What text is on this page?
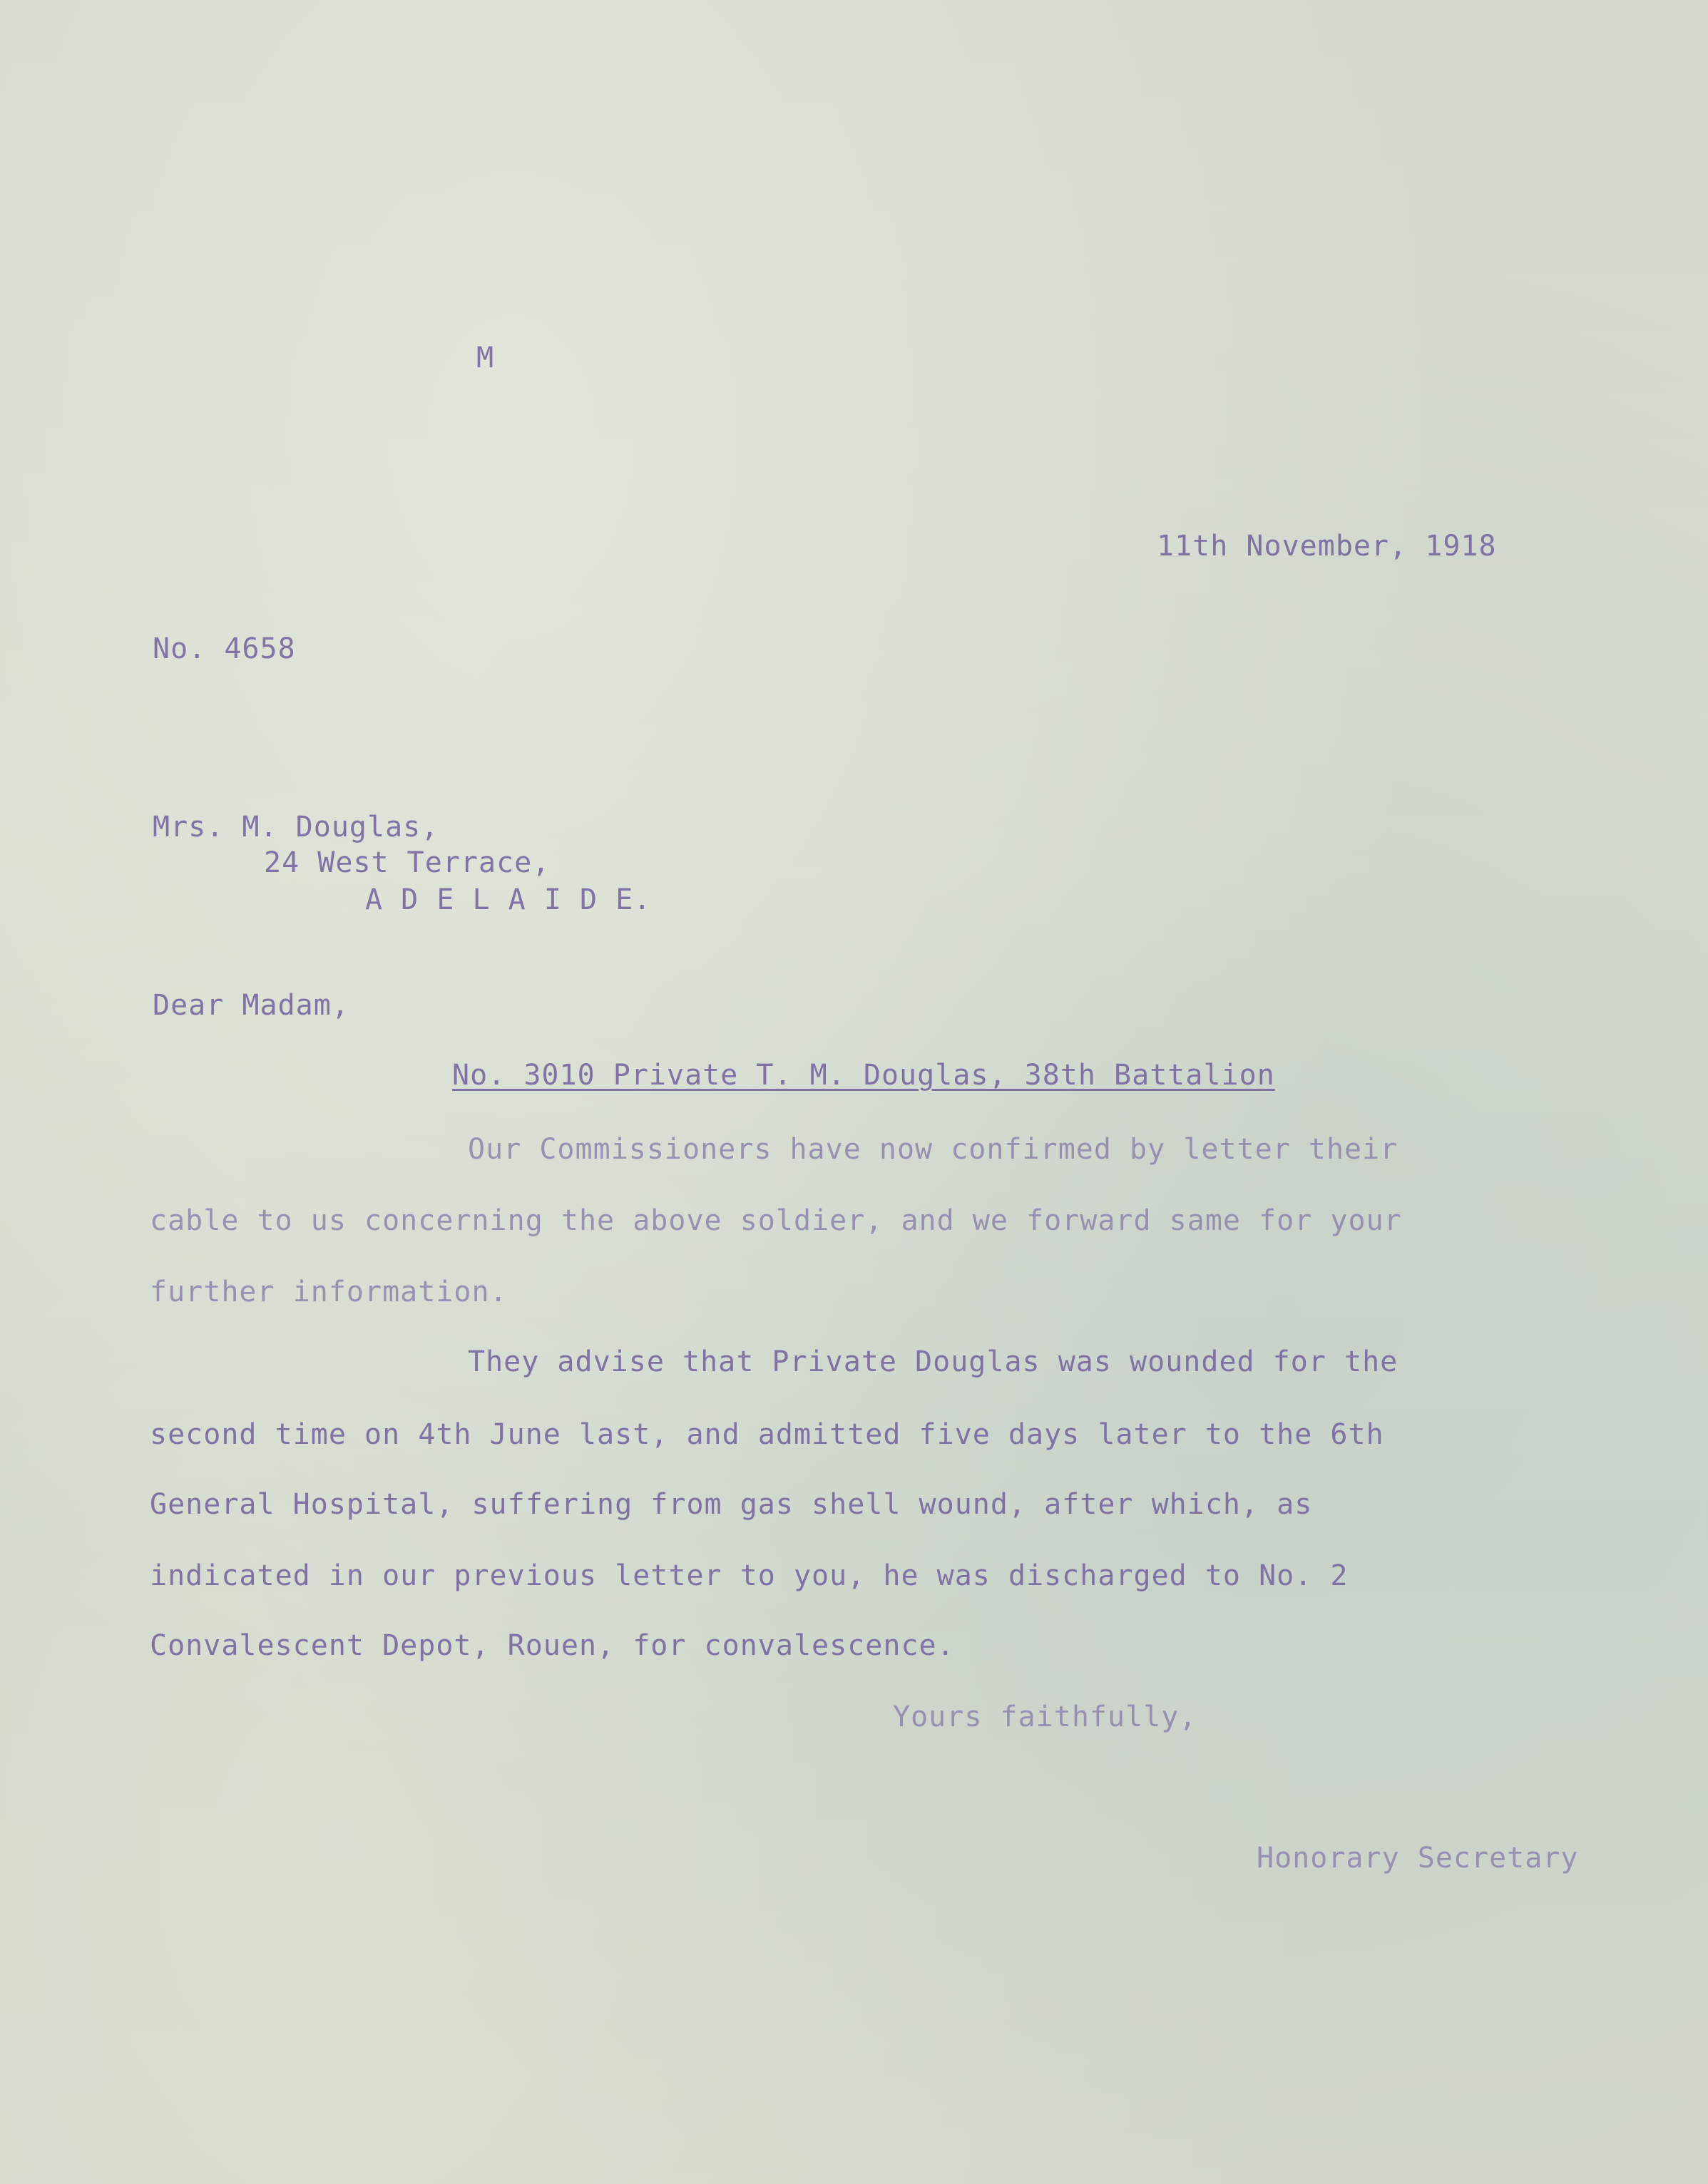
M
11th November, 1918
No. 4658
Mrs. M. Douglas,
24 West Terrace,
A D E L A I D E.
Dear Madam,
No. 3010 Private T. M. Douglas, 38th Battalion
Our Commissioners have now confirmed by letter their
cable to us concerning the above soldier, and we forward same for your
further information.
They advise that Private Douglas was wounded for the
second time on 4th June last, and admitted five days later to the 6th
General Hospital, suffering from gas shell wound, after which, as
indicated in our previous letter to you, he was discharged to No. 2
Convalescent Depot, Rouen, for convalescence.
Yours faithfully,
Honorary Secretary
